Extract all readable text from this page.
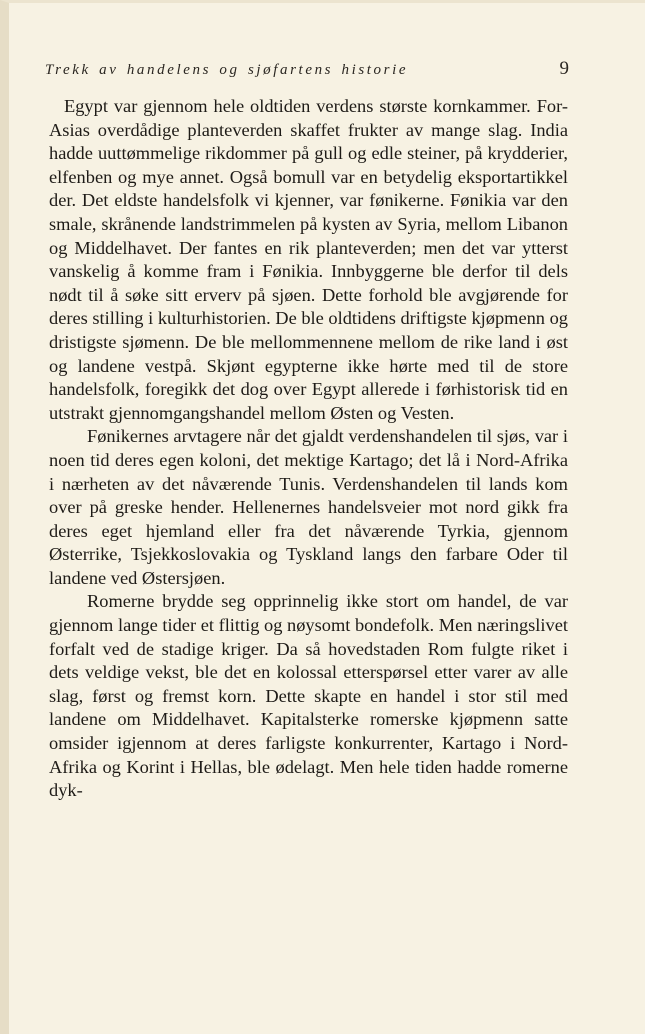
Trekk av handelens og sjøfartens historie	9

Egypt var gjennom hele oldtiden verdens største kornkammer. For-Asias overdådige planteverden skaffet frukter av mange slag. India hadde uuttømmelige rikdommer på gull og edle steiner, på krydderier, elfenben og mye annet. Også bomull var en betydelig eksportartikkel der. Det eldste handelsfolk vi kjenner, var fønikerne. Fønikia var den smale, skrånende landstrimmelen på kysten av Syria, mellom Libanon og Middelhavet. Der fantes en rik planteverden; men det var ytterst vanskelig å komme fram i Fønikia. Innbyggerne ble derfor til dels nødt til å søke sitt erverv på sjøen. Dette forhold ble avgjørende for deres stilling i kulturhistorien. De ble oldtidens driftigste kjøpmenn og dristigste sjømenn. De ble mellommennene mellom de rike land i øst og landene vestpå. Skjønt egypterne ikke hørte med til de store handelsfolk, foregikk det dog over Egypt allerede i førhistorisk tid en utstrakt gjennomgangshandel mellom Østen og Vesten.

Fønikernes arvtagere når det gjaldt verdenshandelen til sjøs, var i noen tid deres egen koloni, det mektige Kartago; det lå i Nord-Afrika i nærheten av det nåværende Tunis. Verdenshandelen til lands kom over på greske hender. Hellenernes handelsveier mot nord gikk fra deres eget hjemland eller fra det nåværende Tyrkia, gjennom Østerrike, Tsjekkoslovakia og Tyskland langs den farbare Oder til landene ved Østersjøen.

Romerne brydde seg opprinnelig ikke stort om handel, de var gjennom lange tider et flittig og nøysomt bondefolk. Men næringslivet forfalt ved de stadige kriger. Da så hovedstaden Rom fulgte riket i dets veldige vekst, ble det en kolossal etterspørsel etter varer av alle slag, først og fremst korn. Dette skapte en handel i stor stil med landene om Middelhavet. Kapitalsterke romerske kjøpmenn satte omsider igjennom at deres farligste konkurrenter, Kartago i Nord-Afrika og Korint i Hellas, ble ødelagt. Men hele tiden hadde romerne dyk-
